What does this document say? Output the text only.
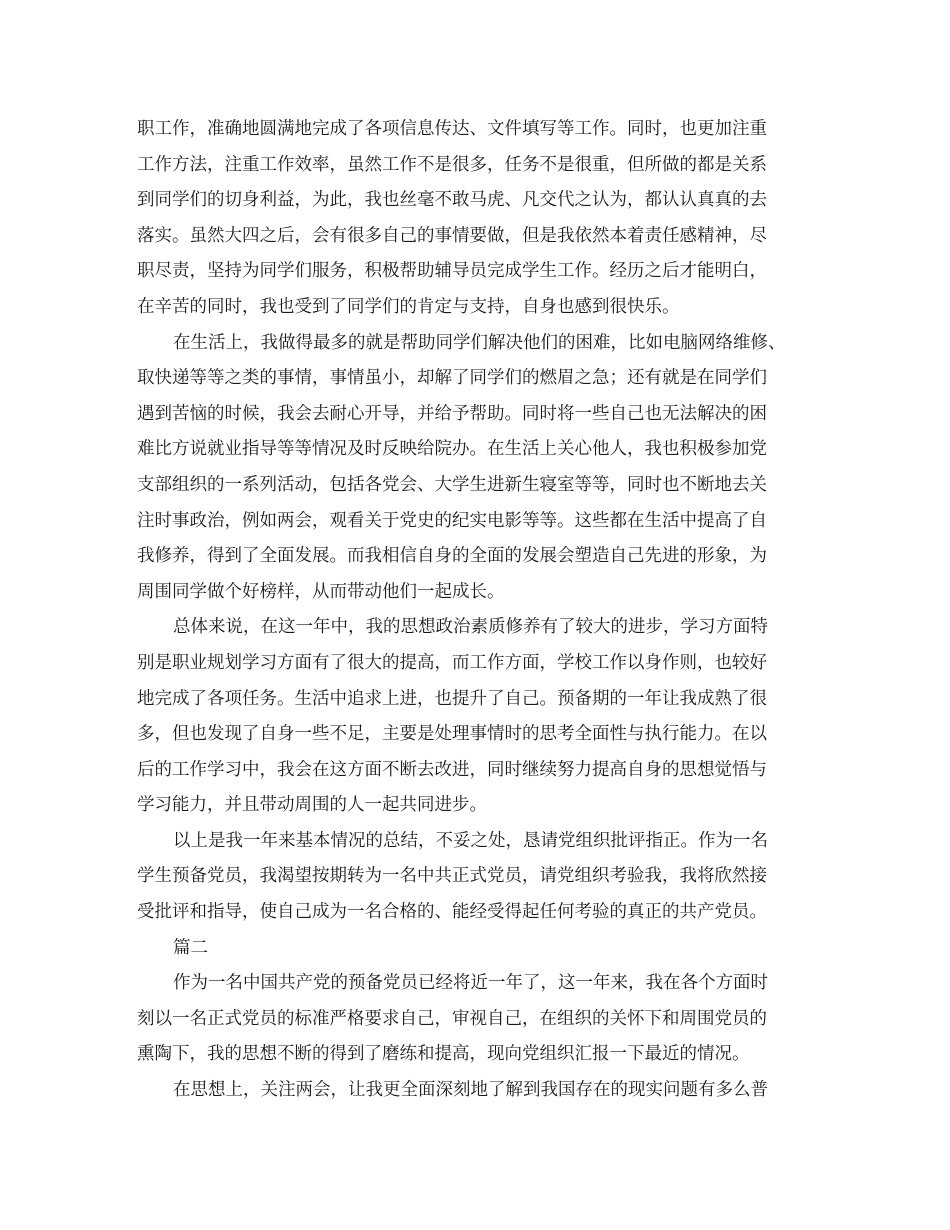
职工作，准确地圆满地完成了各项信息传达、文件填写等工作。同时，也更加注重
工作方法，注重工作效率，虽然工作不是很多，任务不是很重，但所做的都是关系
到同学们的切身利益，为此，我也丝毫不敢马虎、凡交代之认为，都认认真真的去
落实。虽然大四之后，会有很多自己的事情要做，但是我依然本着责任感精神，尽
职尽责，坚持为同学们服务，积极帮助辅导员完成学生工作。经历之后才能明白，
在辛苦的同时，我也受到了同学们的肯定与支持，自身也感到很快乐。
在生活上，我做得最多的就是帮助同学们解决他们的困难，比如电脑网络维修、
取快递等等之类的事情，事情虽小，却解了同学们的燃眉之急；还有就是在同学们
遇到苦恼的时候，我会去耐心开导，并给予帮助。同时将一些自己也无法解决的困
难比方说就业指导等等情况及时反映给院办。在生活上关心他人，我也积极参加党
支部组织的一系列活动，包括各党会、大学生进新生寝室等等，同时也不断地去关
注时事政治，例如两会，观看关于党史的纪实电影等等。这些都在生活中提高了自
我修养，得到了全面发展。而我相信自身的全面的发展会塑造自己先进的形象，为
周围同学做个好榜样，从而带动他们一起成长。
总体来说，在这一年中，我的思想政治素质修养有了较大的进步，学习方面特
别是职业规划学习方面有了很大的提高，而工作方面，学校工作以身作则，也较好
地完成了各项任务。生活中追求上进，也提升了自己。预备期的一年让我成熟了很
多，但也发现了自身一些不足，主要是处理事情时的思考全面性与执行能力。在以
后的工作学习中，我会在这方面不断去改进，同时继续努力提高自身的思想觉悟与
学习能力，并且带动周围的人一起共同进步。
以上是我一年来基本情况的总结，不妥之处，恳请党组织批评指正。作为一名
学生预备党员，我渴望按期转为一名中共正式党员，请党组织考验我，我将欣然接
受批评和指导，使自己成为一名合格的、能经受得起任何考验的真正的共产党员。
篇二
作为一名中国共产党的预备党员已经将近一年了，这一年来，我在各个方面时
刻以一名正式党员的标准严格要求自己，审视自己，在组织的关怀下和周围党员的
熏陶下，我的思想不断的得到了磨练和提高，现向党组织汇报一下最近的情况。
在思想上，关注两会，让我更全面深刻地了解到我国存在的现实问题有多么普
